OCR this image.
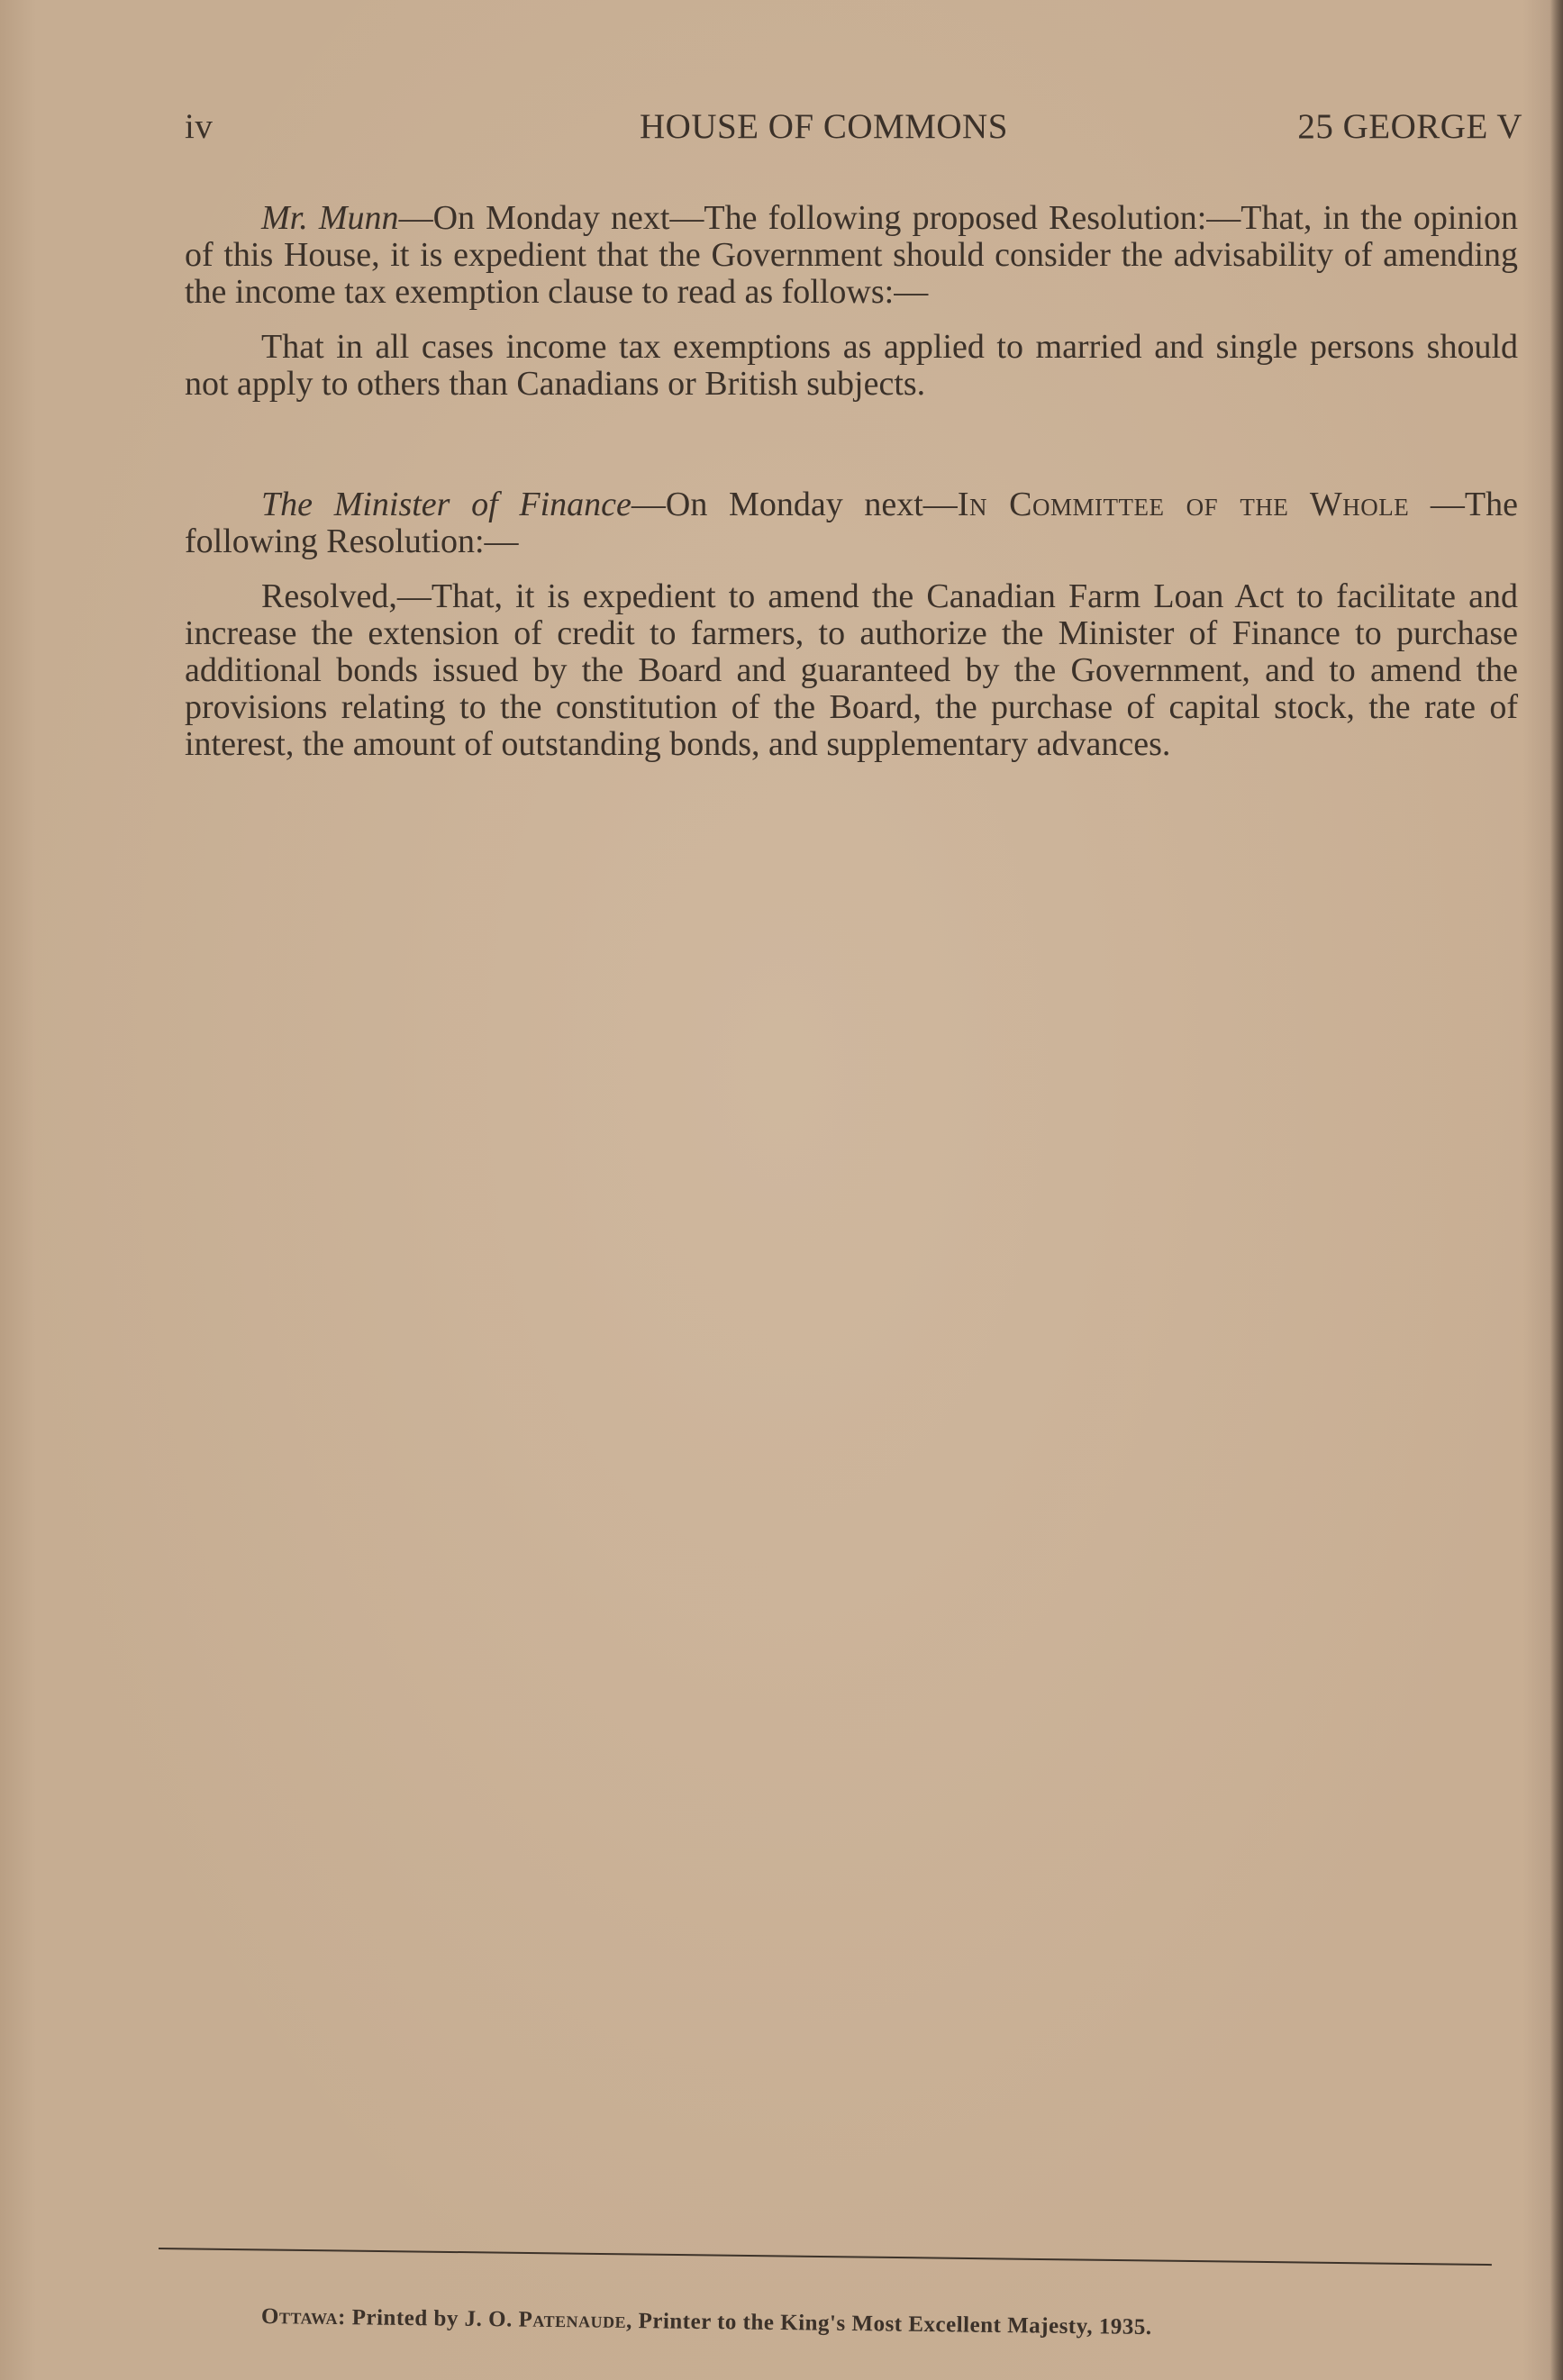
iv	HOUSE OF COMMONS	25 GEORGE V

Mr. Munn—On Monday next—The following proposed Resolution:—That, in the opinion of this House, it is expedient that the Government should consider the advisability of amending the income tax exemption clause to read as follows:—

That in all cases income tax exemptions as applied to married and single persons should not apply to others than Canadians or British subjects.

The Minister of Finance—On Monday next—In Committee of the Whole —The following Resolution:—

Resolved,—That, it is expedient to amend the Canadian Farm Loan Act to facilitate and increase the extension of credit to farmers, to authorize the Minister of Finance to purchase additional bonds issued by the Board and guaranteed by the Government, and to amend the provisions relating to the constitution of the Board, the purchase of capital stock, the rate of interest, the amount of outstanding bonds, and supplementary advances.

Ottawa: Printed by J. O. Patenaude, Printer to the King's Most Excellent Majesty, 1935.
